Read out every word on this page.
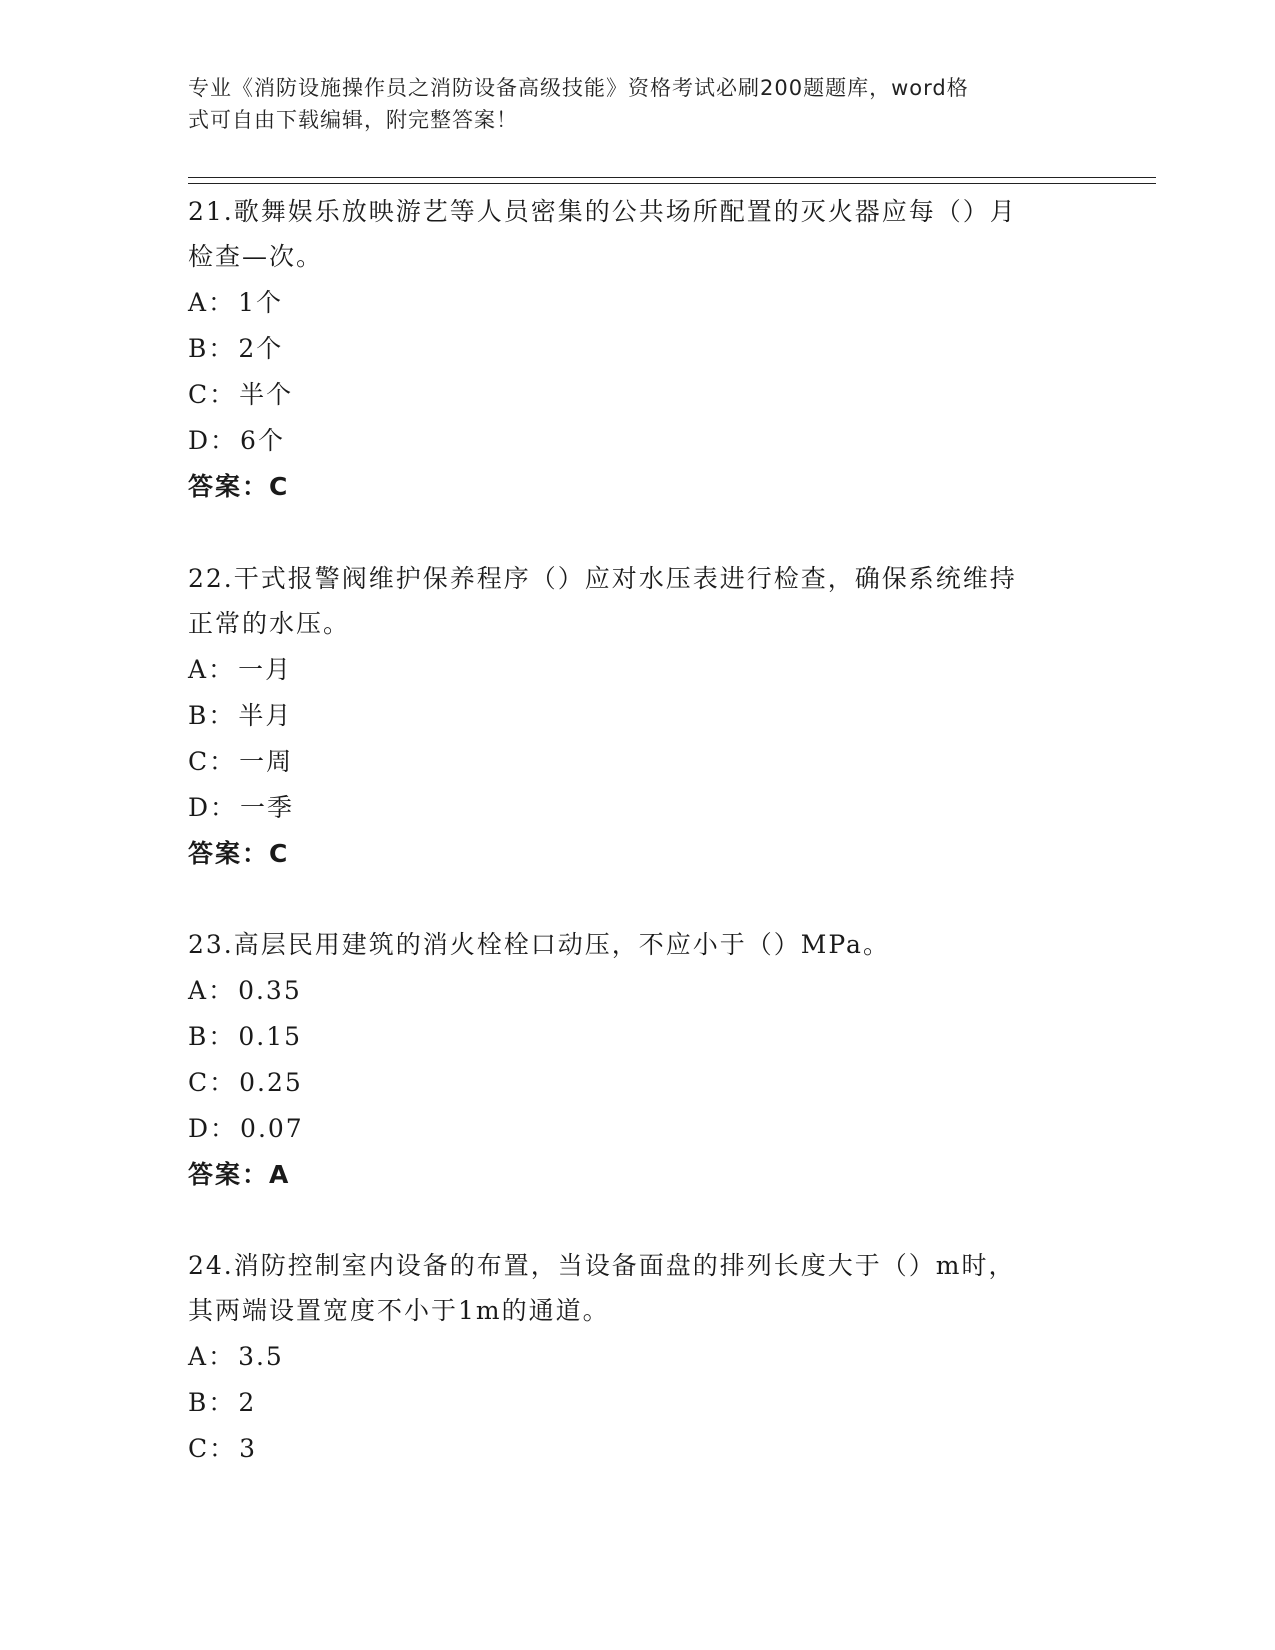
专业《消防设施操作员之消防设备高级技能》资格考试必刷200题题库，word格
式可自由下载编辑，附完整答案！
21.歌舞娱乐放映游艺等人员密集的公共场所配置的灭火器应每（）月
检查—次。
A： 1个
B： 2个
C： 半个
D： 6个
答案：C
22.干式报警阀维护保养程序（）应对水压表进行检查，确保系统维持
正常的水压。
A： 一月
B： 半月
C： 一周
D： 一季
答案：C
23.高层民用建筑的消火栓栓口动压，不应小于（）MPa。
A： 0.35
B： 0.15
C： 0.25
D： 0.07
答案：A
24.消防控制室内设备的布置，当设备面盘的排列长度大于（）m时，
其两端设置宽度不小于1m的通道。
A： 3.5
B： 2
C： 3
